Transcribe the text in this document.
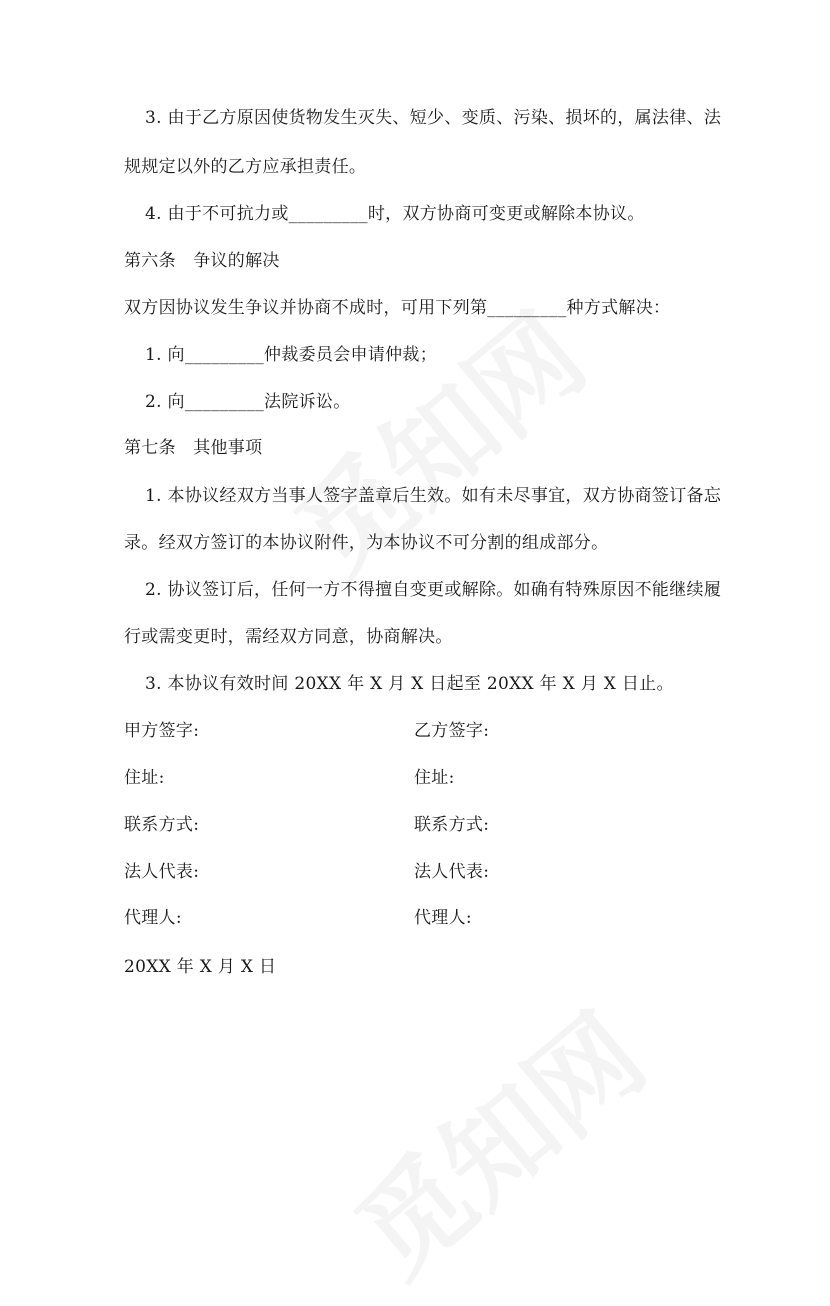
3. 由于乙方原因使货物发生灭失、短少、变质、污染、损坏的，属法律、法
规规定以外的乙方应承担责任。
4. 由于不可抗力或_________时，双方协商可变更或解除本协议。
第六条　争议的解决
双方因协议发生争议并协商不成时，可用下列第_________种方式解决：
1. 向_________仲裁委员会申请仲裁；
2. 向_________法院诉讼。
第七条　其他事项
1. 本协议经双方当事人签字盖章后生效。如有未尽事宜，双方协商签订备忘
录。经双方签订的本协议附件，为本协议不可分割的组成部分。
2. 协议签订后，任何一方不得擅自变更或解除。如确有特殊原因不能继续履
行或需变更时，需经双方同意，协商解决。
3. 本协议有效时间 20XX 年 X 月 X 日起至 20XX 年 X 月 X 日止。
甲方签字:	乙方签字:
住址:	住址:
联系方式:	联系方式:
法人代表:	法人代表:
代理人:	代理人:
20XX 年 X 月 X 日
